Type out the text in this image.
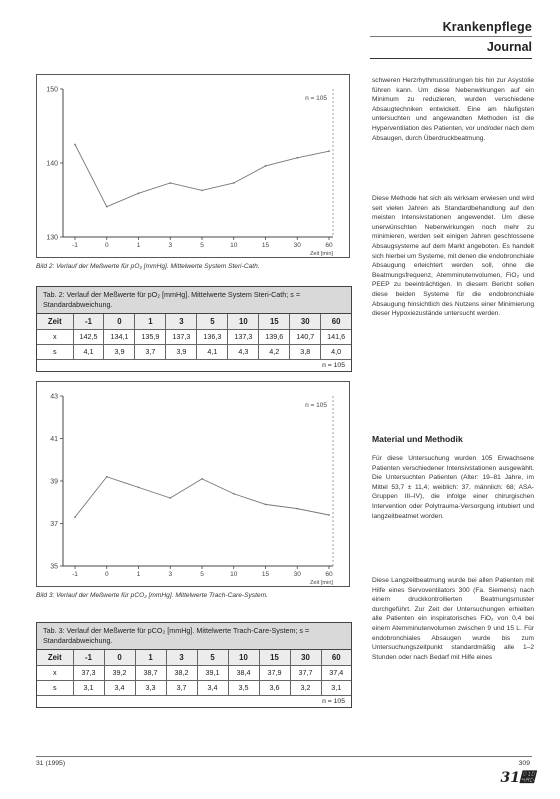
Krankenpflege
Journal
130
140
150
-1	0	1	3	5	10	15	30	60
Zeit [min]
n = 105
Bild 2: Verlauf der Meßwerte für pO₂ [mmHg]. Mittelwerte System Steri-Cath.
Tab. 2: Verlauf der Meßwerte für pO₂ [mmHg]. Mittelwerte System Steri-Cath; s = Standardabweichung.
Zeit	-1	0	1	3	5	10	15	30	60
x	142,5	134,1	135,9	137,3	136,3	137,3	139,6	140,7	141,6
s	4,1	3,9	3,7	3,9	4,1	4,3	4,2	3,8	4,0
n = 105									
35
37
39
41
43
-1	0	1	3	5	10	15	30	60
Zeit [min]
n = 105
Bild 3: Verlauf der Meßwerte für pCO₂ [mmHg]. Mittelwerte Trach-Care-System.
Tab. 3: Verlauf der Meßwerte für pCO₂ [mmHg]. Mittelwerte Trach-Care-System; s = Standardabweichung.
Zeit	-1	0	1	3	5	10	15	30	60
x	37,3	39,2	38,7	38,2	39,1	38,4	37,9	37,7	37,4
s	3,1	3,4	3,3	3,7	3,4	3,5	3,6	3,2	3,1
n = 105									
schweren Herzrhythmusstörungen bis hin zur Asystolie führen kann. Um diese Nebenwirkungen auf ein Minimum zu reduzieren, wurden verschiedene Absaugtechniken entwickelt. Eine am häufigsten untersuchten und angewandten Methoden ist die Hyperventilation des Patienten, vor und/oder nach dem Absaugen, durch Überdruckbeatmung.
Diese Methode hat sich als wirksam erwiesen und wird seit vielen Jahren als Standardbehandlung auf den meisten Intensivstationen angewendet. Um diese unerwünschten Nebenwirkungen noch mehr zu minimieren, werden seit einigen Jahren geschlossene Absaugsysteme auf dem Markt angeboten. Es handelt sich hierbei um Systeme, mit denen die endobronchiale Absaugung erleichtert werden soll, ohne die Beatmungsfrequenz, Atemminutenvolumen, FiO₂ und PEEP zu beeinträchtigen. In diesem Bericht sollen diese beiden Systeme für die endobronchiale Absaugung hinsichtlich des Nutzens einer Minimierung dieser Hypoxiezustände untersucht werden.
Material und Methodik
Für diese Untersuchung wurden 105 Erwachsene Patienten verschiedener Intensivstationen ausgewählt. Die Untersuchten Patienten (Alter: 19–81 Jahre, im Mittel 53,7 ± 11,4; weiblich: 37, männlich: 68; ASA-Gruppen III–IV), die infolge einer chirurgischen Intervention oder Polytrauma-Versorgung intubiert und langzeitbeatmet worden.
Diese Langzeitbeatmung wurde bei allen Patienten mit Hilfe eines Servoventilators 300 (Fa. Siemens) nach einem druckkontrollierten Beatmungsmuster durchgeführt. Zur Zeit der Untersuchungen erhielten alle Patienten ein inspiratorisches FiO₂ von 0,4 bei einem Atemminutenvolumen zwischen 9 und 15 L. Für endobronchiales Absaugen wurde bis zum Untersuchungszeitpunkt standardmäßig alle 1–2 Stunden oder nach Bedarf mit Hilfe eines
31 (1995)	309
31𝒭
